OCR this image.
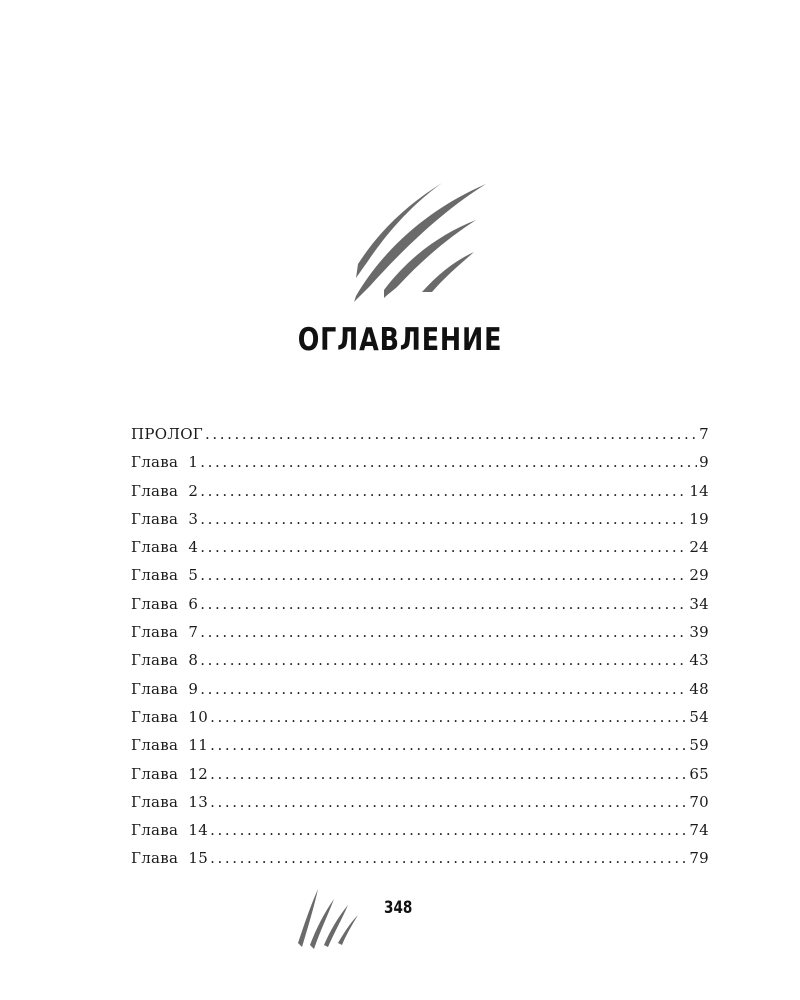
ОГЛАВЛЕНИЕ
ПРОЛОГ .....	7
Глава  1 .....	9
Глава  2 .....	14
Глава  3 .....	19
Глава  4 .....	24
Глава  5 .....	29
Глава  6 .....	34
Глава  7 .....	39
Глава  8 .....	43
Глава  9 .....	48
Глава  10 .....	54
Глава  11 .....	59
Глава  12 .....	65
Глава  13 .....	70
Глава  14 .....	74
Глава  15 .....	79
348
